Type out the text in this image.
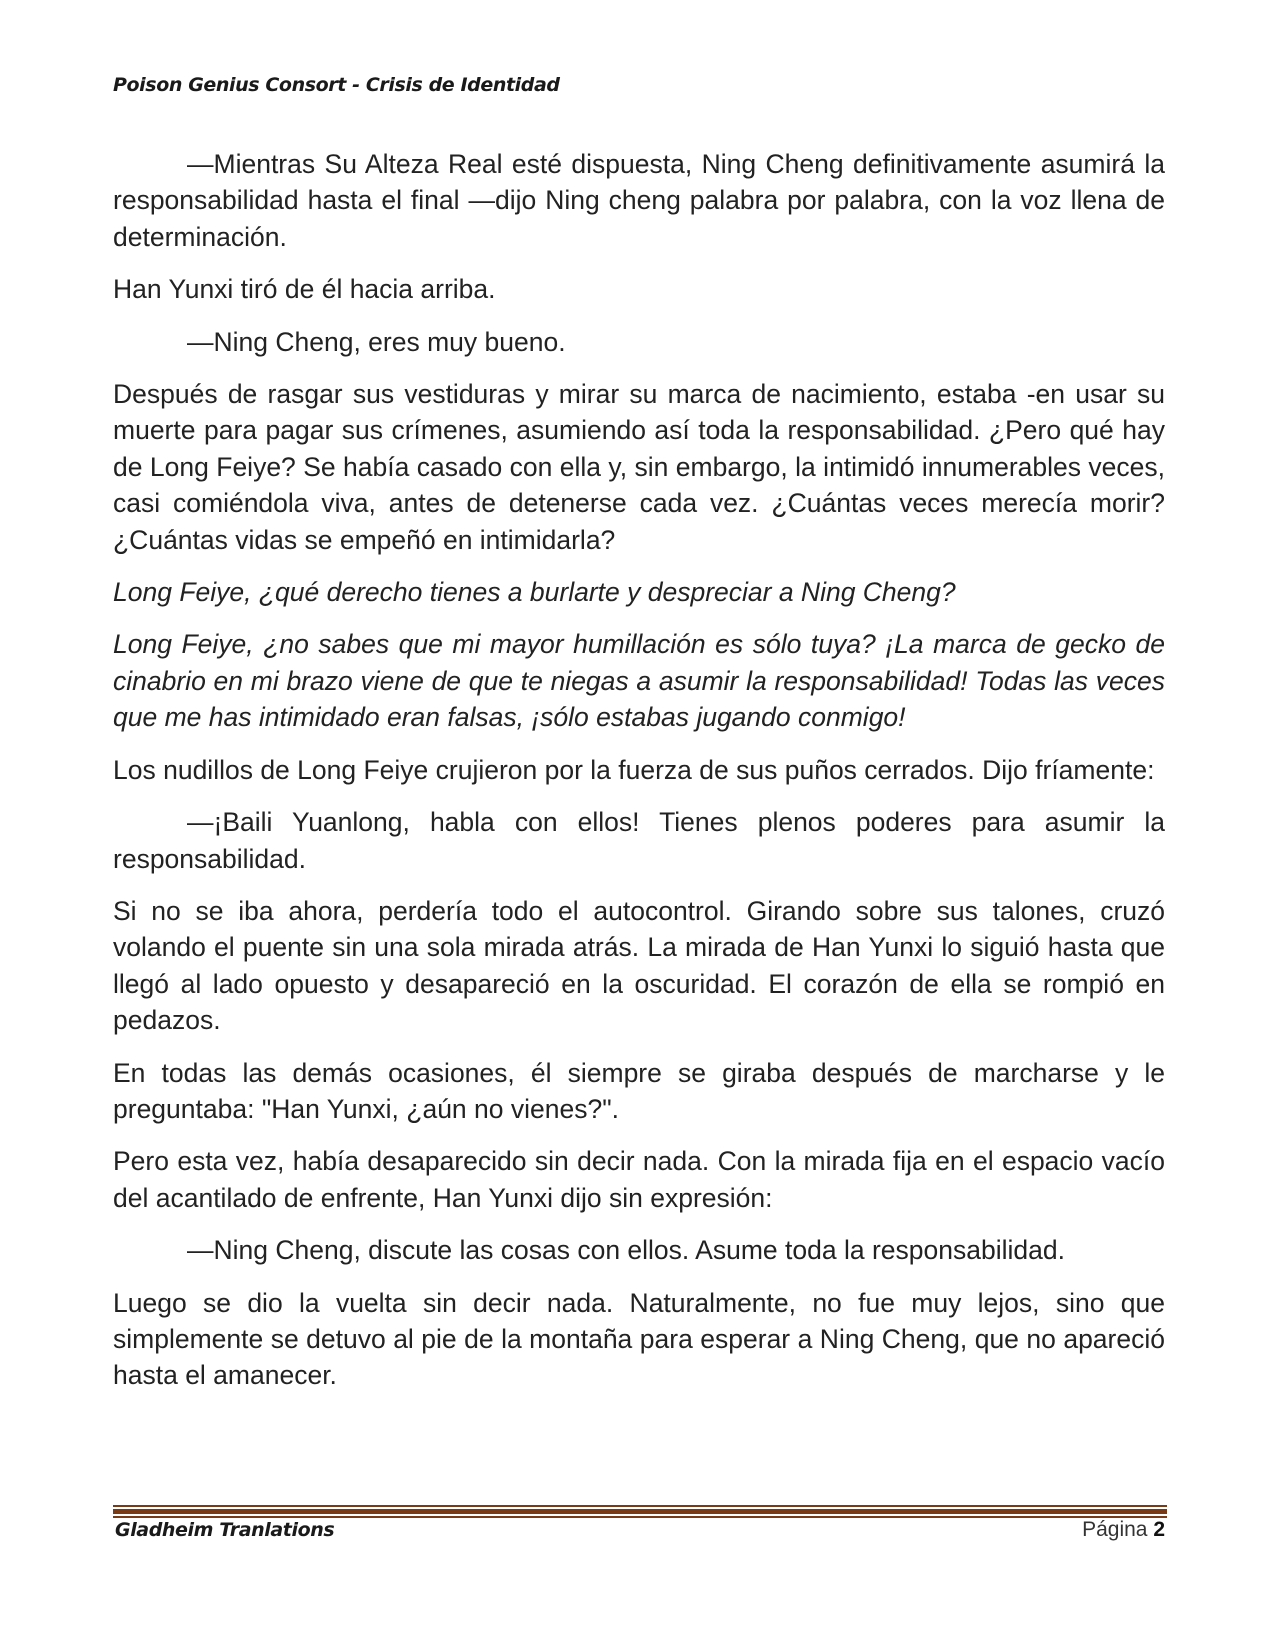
Poison Genius Consort - Crisis de Identidad

—Mientras Su Alteza Real esté dispuesta, Ning Cheng definitivamente asumirá la responsabilidad hasta el final —dijo Ning cheng palabra por palabra, con la voz llena de determinación.

Han Yunxi tiró de él hacia arriba.

—Ning Cheng, eres muy bueno.

Después de rasgar sus vestiduras y mirar su marca de nacimiento, estaba -en usar su muerte para pagar sus crímenes, asumiendo así toda la responsabilidad. ¿Pero qué hay de Long Feiye? Se había casado con ella y, sin embargo, la intimidó innumerables veces, casi comiéndola viva, antes de detenerse cada vez. ¿Cuántas veces merecía morir? ¿Cuántas vidas se empeñó en intimidarla?

Long Feiye, ¿qué derecho tienes a burlarte y despreciar a Ning Cheng?

Long Feiye, ¿no sabes que mi mayor humillación es sólo tuya? ¡La marca de gecko de cinabrio en mi brazo viene de que te niegas a asumir la responsabilidad! Todas las veces que me has intimidado eran falsas, ¡sólo estabas jugando conmigo!

Los nudillos de Long Feiye crujieron por la fuerza de sus puños cerrados. Dijo fríamente:

—¡Baili Yuanlong, habla con ellos! Tienes plenos poderes para asumir la responsabilidad.

Si no se iba ahora, perdería todo el autocontrol. Girando sobre sus talones, cruzó volando el puente sin una sola mirada atrás. La mirada de Han Yunxi lo siguió hasta que llegó al lado opuesto y desapareció en la oscuridad. El corazón de ella se rompió en pedazos.

En todas las demás ocasiones, él siempre se giraba después de marcharse y le preguntaba: "Han Yunxi, ¿aún no vienes?".

Pero esta vez, había desaparecido sin decir nada. Con la mirada fija en el espacio vacío del acantilado de enfrente, Han Yunxi dijo sin expresión:

—Ning Cheng, discute las cosas con ellos. Asume toda la responsabilidad.

Luego se dio la vuelta sin decir nada. Naturalmente, no fue muy lejos, sino que simplemente se detuvo al pie de la montaña para esperar a Ning Cheng, que no apareció hasta el amanecer.

Gladheim Tranlations	Página 2
